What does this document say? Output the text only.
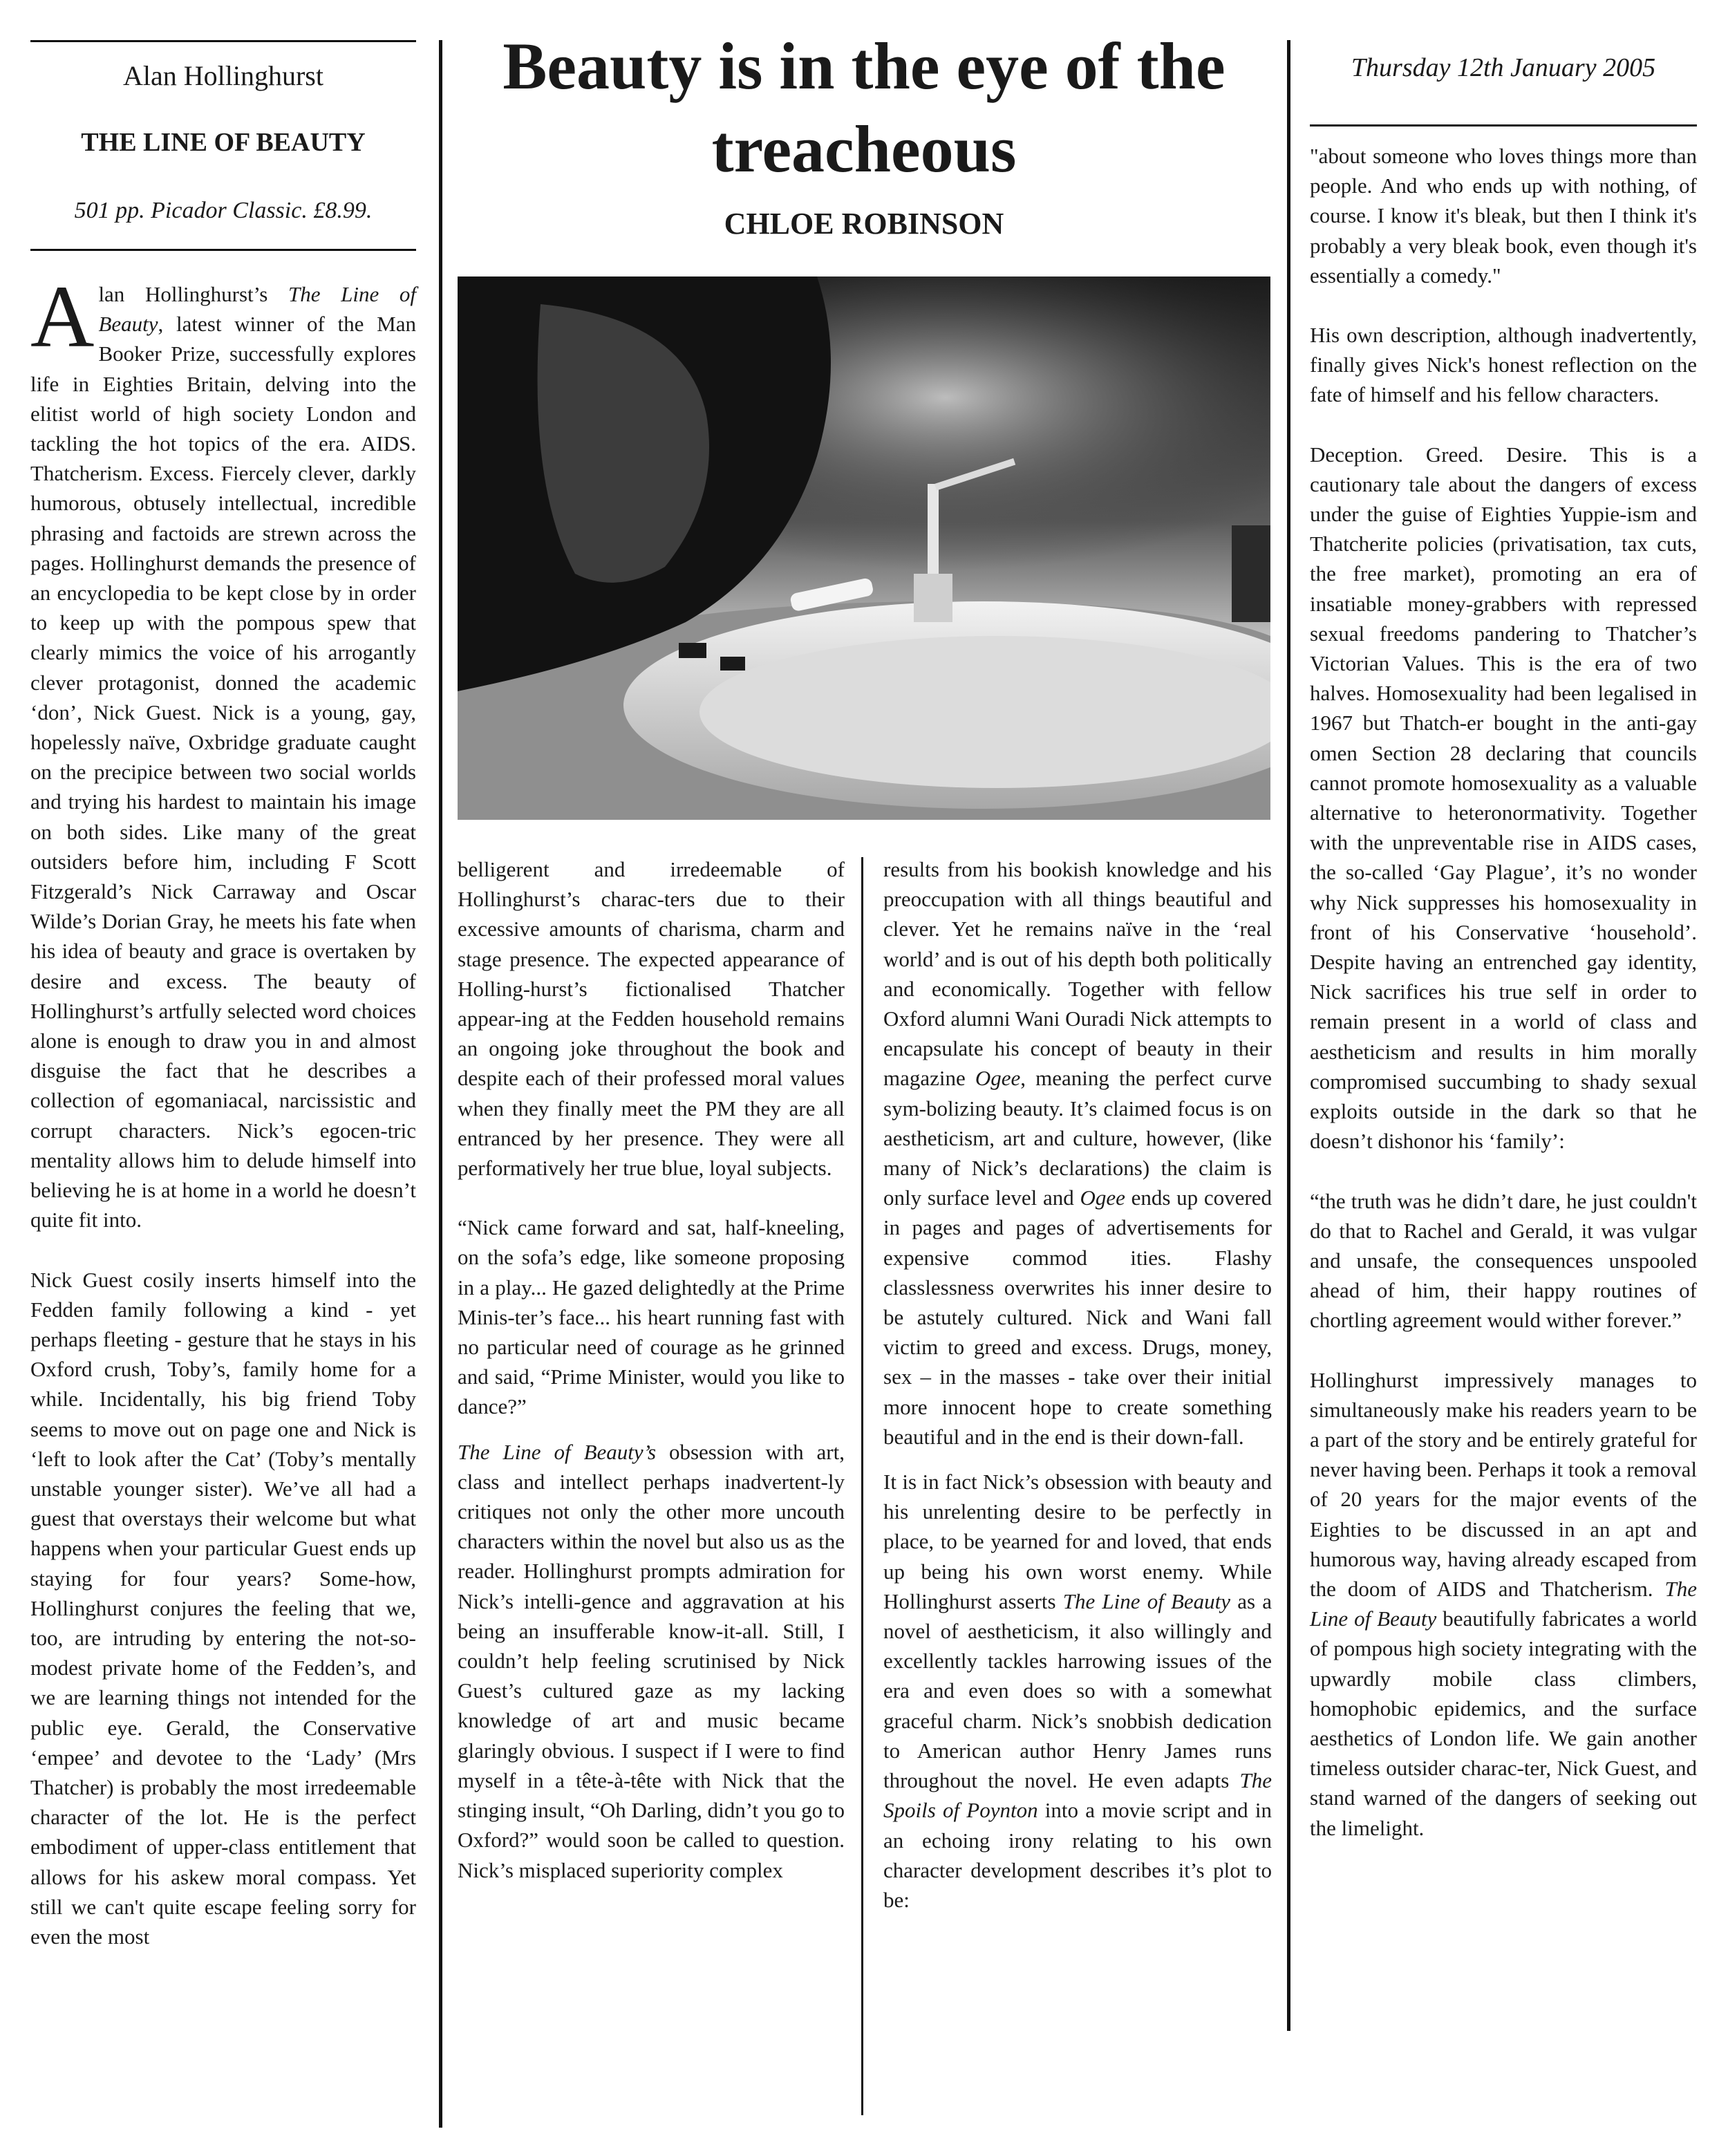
Alan Hollinghurst
THE LINE OF BEAUTY
501 pp. Picador Classic. £8.99.
Beauty is in the eye of the treacheous
CHLOE ROBINSON
Thursday 12th January 2005

Alan Hollinghurst’s The Line of Beauty, latest winner of the Man Booker Prize, successfully explores life in Eighties Britain, delving into the elitist world of high society London and tackling the hot topics of the era. AIDS. Thatcherism. Excess. Fiercely clever, darkly humorous, obtusely intellectual, incredible phrasing and factoids are strewn across the pages. Hollinghurst demands the presence of an encyclopedia to be kept close by in order to keep up with the pompous spew that clearly mimics the voice of his arrogantly clever protagonist, donned the academic ‘don’, Nick Guest. Nick is a young, gay, hopelessly naïve, Oxbridge graduate caught on the precipice between two social worlds and trying his hardest to maintain his image on both sides. Like many of the great outsiders before him, including F Scott Fitzgerald’s Nick Carraway and Oscar Wilde’s Dorian Gray, he meets his fate when his idea of beauty and grace is overtaken by desire and excess. The beauty of Hollinghurst’s artfully selected word choices alone is enough to draw you in and almost disguise the fact that he describes a collection of egomaniacal, narcissistic and corrupt characters. Nick’s egocen-tric mentality allows him to delude himself into believing he is at home in a world he doesn’t quite fit into.

Nick Guest cosily inserts himself into the Fedden family following a kind - yet perhaps fleeting - gesture that he stays in his Oxford crush, Toby’s, family home for a while. Incidentally, his big friend Toby seems to move out on page one and Nick is ‘left to look after the Cat’ (Toby’s mentally unstable younger sister). We’ve all had a guest that overstays their welcome but what happens when your particular Guest ends up staying for four years? Some-how, Hollinghurst conjures the feeling that we, too, are intruding by entering the not-so-modest private home of the Fedden’s, and we are learning things not intended for the public eye. Gerald, the Conservative ‘empee’ and devotee to the ‘Lady’ (Mrs Thatcher) is probably the most irredeemable character of the lot. He is the perfect embodiment of upper-class entitlement that allows for his askew moral compass. Yet still we can't quite escape feeling sorry for even the most

belligerent and irredeemable of Hollinghurst’s charac-ters due to their excessive amounts of charisma, charm and stage presence. The expected appearance of Holling-hurst’s fictionalised Thatcher appear-ing at the Fedden household remains an ongoing joke throughout the book and despite each of their professed moral values when they finally meet the PM they are all entranced by her presence. They were all performatively her true blue, loyal subjects.

“Nick came forward and sat, half-kneeling, on the sofa’s edge, like someone proposing in a play... He gazed delightedly at the Prime Minis-ter’s face... his heart running fast with no particular need of courage as he grinned and said, “Prime Minister, would you like to dance?”

The Line of Beauty’s obsession with art, class and intellect perhaps inadvertent-ly critiques not only the other more uncouth characters within the novel but also us as the reader. Hollinghurst prompts admiration for Nick’s intelli-gence and aggravation at his being an insufferable know-it-all. Still, I couldn’t help feeling scrutinised by Nick Guest’s cultured gaze as my lacking knowledge of art and music became glaringly obvious. I suspect if I were to find myself in a tête-à-tête with Nick that the stinging insult, “Oh Darling, didn’t you go to Oxford?” would soon be called to question. Nick’s misplaced superiority complex

results from his bookish knowledge and his preoccupation with all things beautiful and clever. Yet he remains naïve in the ‘real world’ and is out of his depth both politically and economically. Together with fellow Oxford alumni Wani Ouradi Nick attempts to encapsulate his concept of beauty in their magazine Ogee, meaning the perfect curve sym-bolizing beauty. It’s claimed focus is on aestheticism, art and culture, however, (like many of Nick’s declarations) the claim is only surface level and Ogee ends up covered in pages and pages of advertisements for expensive commod ities. Flashy classlessness overwrites his inner desire to be astutely cultured. Nick and Wani fall victim to greed and excess. Drugs, money, sex – in the masses - take over their initial more innocent hope to create something beautiful and in the end is their down-fall.

It is in fact Nick’s obsession with beauty and his unrelenting desire to be perfectly in place, to be yearned for and loved, that ends up being his own worst enemy. While Hollinghurst asserts The Line of Beauty as a novel of aestheticism, it also willingly and excellently tackles harrowing issues of the era and even does so with a somewhat graceful charm. Nick’s snobbish dedication to American author Henry James runs throughout the novel. He even adapts The Spoils of Poynton into a movie script and in an echoing irony relating to his own character development describes it’s plot to be:

"about someone who loves things more than people. And who ends up with nothing, of course. I know it's bleak, but then I think it's probably a very bleak book, even though it's essentially a comedy."

His own description, although inadvertently, finally gives Nick's honest reflection on the fate of himself and his fellow characters.

Deception. Greed. Desire. This is a cautionary tale about the dangers of excess under the guise of Eighties Yuppie-ism and Thatcherite policies (privatisation, tax cuts, the free market), promoting an era of insatiable money-grabbers with repressed sexual freedoms pandering to Thatcher’s Victorian Values. This is the era of two halves. Homosexuality had been legalised in 1967 but Thatch-er bought in the anti-gay omen Section 28 declaring that councils cannot promote homosexuality as a valuable alternative to heteronormativity. Together with the unpreventable rise in AIDS cases, the so-called ‘Gay Plague’, it’s no wonder why Nick suppresses his homosexuality in front of his Conservative ‘household’. Despite having an entrenched gay identity, Nick sacrifices his true self in order to remain present in a world of class and aestheticism and results in him morally compromised succumbing to shady sexual exploits outside in the dark so that he doesn’t dishonor his ‘family’:

“the truth was he didn’t dare, he just couldn't do that to Rachel and Gerald, it was vulgar and unsafe, the consequences unspooled ahead of him, their happy routines of chortling agreement would wither forever.”

Hollinghurst impressively manages to simultaneously make his readers yearn to be a part of the story and be entirely grateful for never having been. Perhaps it took a removal of 20 years for the major events of the Eighties to be discussed in an apt and humorous way, having already escaped from the doom of AIDS and Thatcherism. The Line of Beauty beautifully fabricates a world of pompous high society integrating with the upwardly mobile class climbers, homophobic epidemics, and the surface aesthetics of London life. We gain another timeless outsider charac-ter, Nick Guest, and stand warned of the dangers of seeking out the limelight.
